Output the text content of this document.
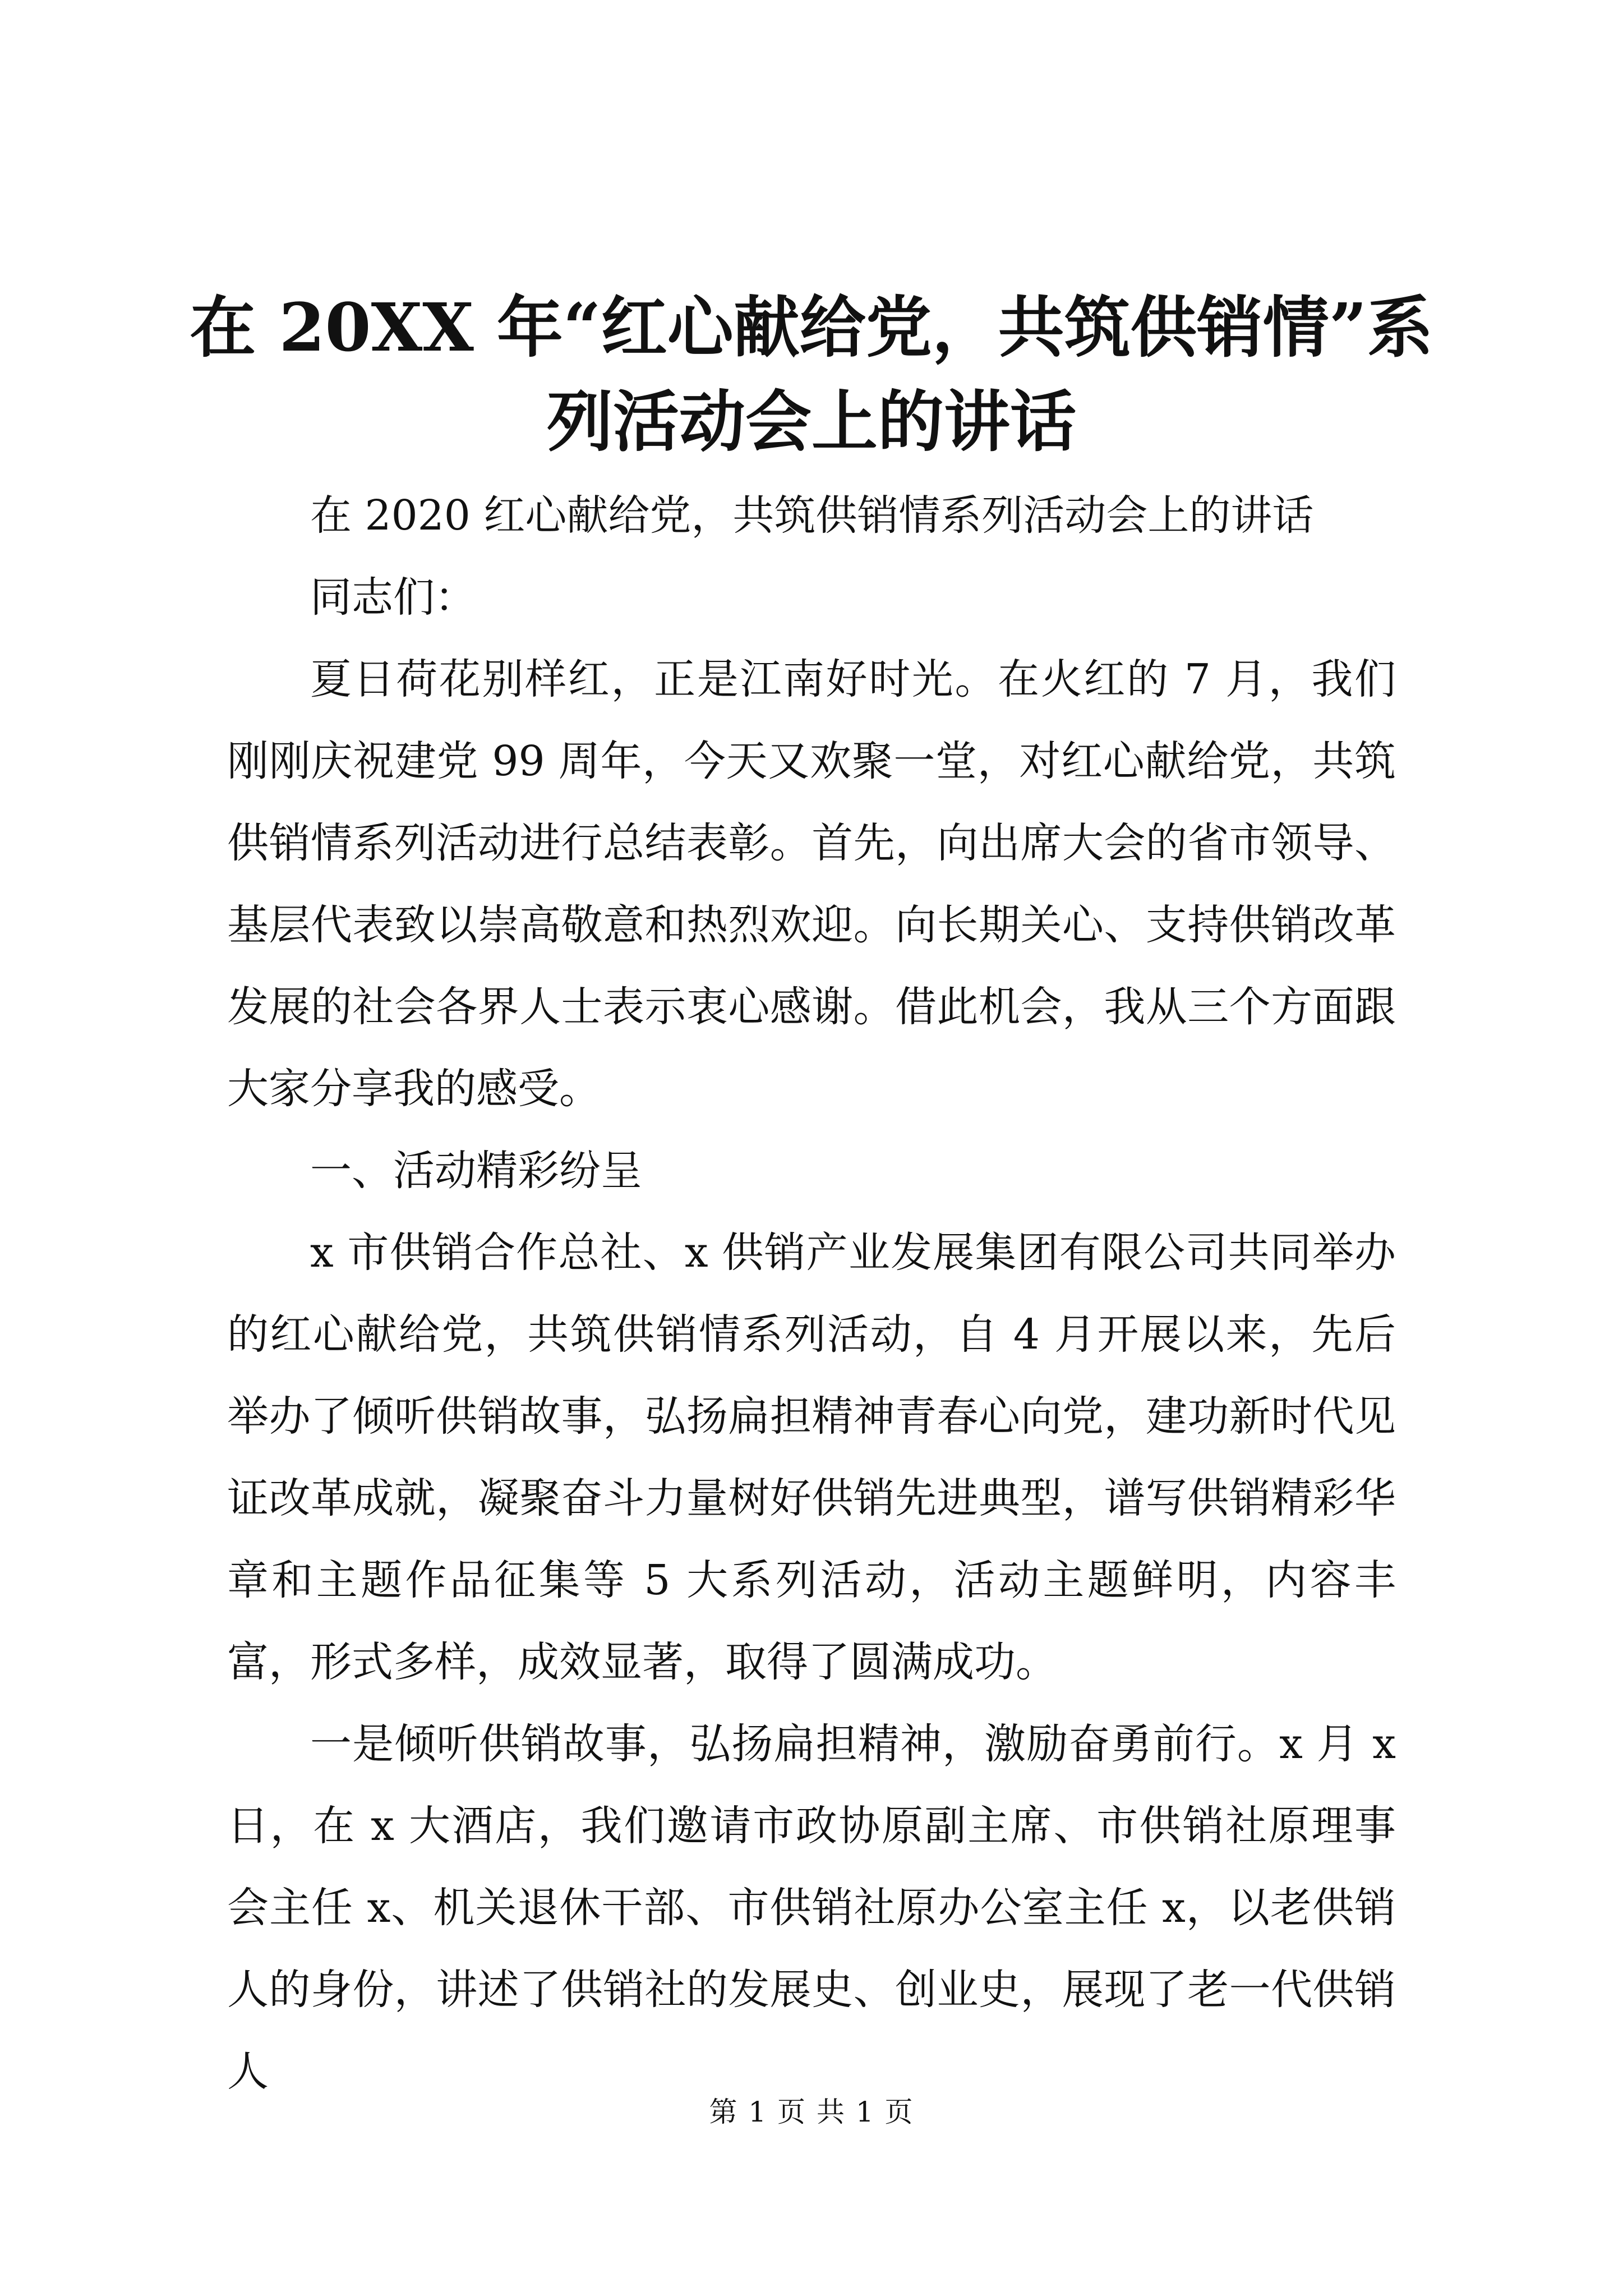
在 20XX 年“红心献给党，共筑供销情”系列活动会上的讲话

在 2020 红心献给党，共筑供销情系列活动会上的讲话

同志们：

夏日荷花别样红，正是江南好时光。在火红的 7 月，我们刚刚庆祝建党 99 周年，今天又欢聚一堂，对红心献给党，共筑供销情系列活动进行总结表彰。首先，向出席大会的省市领导、基层代表致以崇高敬意和热烈欢迎。向长期关心、支持供销改革发展的社会各界人士表示衷心感谢。借此机会，我从三个方面跟大家分享我的感受。

一、活动精彩纷呈

x 市供销合作总社、x 供销产业发展集团有限公司共同举办的红心献给党，共筑供销情系列活动，自 4 月开展以来，先后举办了倾听供销故事，弘扬扁担精神青春心向党，建功新时代见证改革成就，凝聚奋斗力量树好供销先进典型，谱写供销精彩华章和主题作品征集等 5 大系列活动，活动主题鲜明，内容丰富，形式多样，成效显著，取得了圆满成功。

一是倾听供销故事，弘扬扁担精神，激励奋勇前行。x 月 x 日，在 x 大酒店，我们邀请市政协原副主席、市供销社原理事会主任 x、机关退休干部、市供销社原办公室主任 x，以老供销人的身份，讲述了供销社的发展史、创业史，展现了老一代供销人

第 1 页 共 1 页
